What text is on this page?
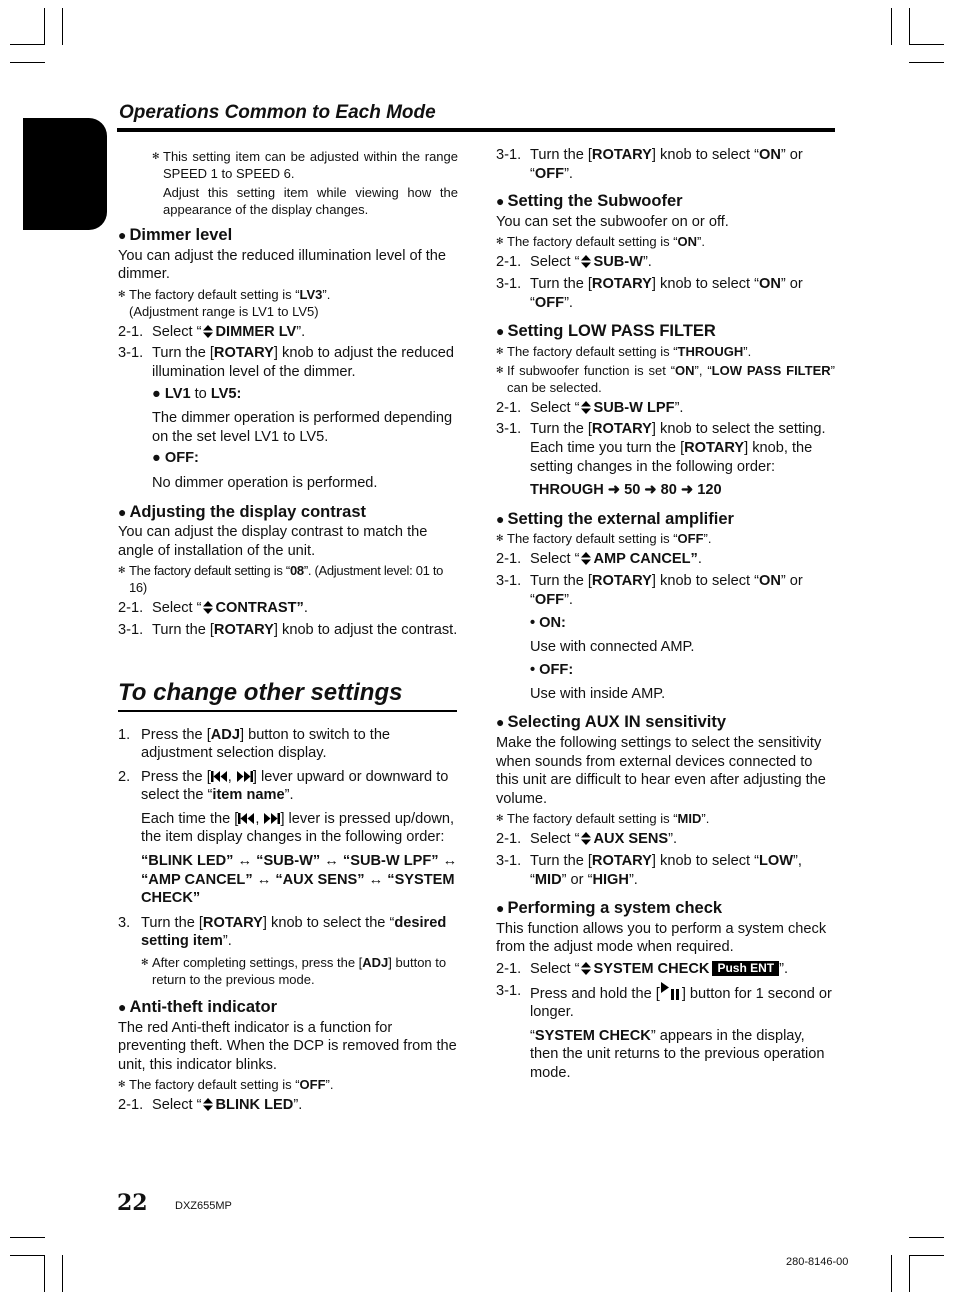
English
Operations Common to Each Mode

✻ This setting item can be adjusted within the range SPEED 1 to SPEED 6.

Adjust this setting item while viewing how the appearance of the display changes.

● Dimmer level

You can adjust the reduced illumination level of the dimmer.

✻ The factory default setting is “LV3”.
(Adjustment range is LV1 to LV5)

2-1. Select “ DIMMER LV”.
3-1. Turn the [ROTARY] knob to adjust the reduced illumination level of the dimmer.
● LV1 to LV5:
The dimmer operation is performed depending on the set level LV1 to LV5.
● OFF:
No dimmer operation is performed.
● Adjusting the display contrast

You can adjust the display contrast to match the angle of installation of the unit.

✻ The factory default setting is “08”. (Adjustment level: 01 to 16)

2-1. Select “ CONTRAST”.
3-1. Turn the [ROTARY] knob to adjust the contrast.
To change other settings
1. Press the [ADJ] button to switch to the adjustment selection display.
2. Press the [ , ] lever upward or downward to select the “item name”.
Each time the [ , ] lever is pressed up/down, the item display changes in the following order:
“BLINK LED” ↔ “SUB-W” ↔ “SUB-W LPF” ↔ “AMP CANCEL” ↔ “AUX SENS” ↔ “SYSTEM CHECK”
3. Turn the [ROTARY] knob to select the “desired setting item”.

✻ After completing settings, press the [ADJ] button to return to the previous mode.

● Anti-theft indicator

The red Anti-theft indicator is a function for preventing theft. When the DCP is removed from the unit, this indicator blinks.

✻ The factory default setting is “OFF”.

2-1. Select “ BLINK LED”.
3-1. Turn the [ROTARY] knob to select “ON” or “OFF”.
● Setting the Subwoofer

You can set the subwoofer on or off.

✻ The factory default setting is “ON”.

2-1. Select “ SUB-W”.
3-1. Turn the [ROTARY] knob to select “ON” or “OFF”.
● Setting LOW PASS FILTER

✻ The factory default setting is “THROUGH”.

✻ If subwoofer function is set “ON”, “LOW PASS FILTER” can be selected.

2-1. Select “ SUB-W LPF”.
3-1. Turn the [ROTARY] knob to select the setting. Each time you turn the [ROTARY] knob, the setting changes in the following order:
THROUGH ➜ 50 ➜ 80 ➜ 120
● Setting the external amplifier

✻ The factory default setting is “OFF”.

2-1. Select “ AMP CANCEL”.
3-1. Turn the [ROTARY] knob to select “ON” or “OFF”.
• ON:
Use with connected AMP.
• OFF:
Use with inside AMP.
● Selecting AUX IN sensitivity

Make the following settings to select the sensitivity when sounds from external devices connected to this unit are difficult to hear even after adjusting the volume.

✻ The factory default setting is “MID”.

2-1. Select “ AUX SENS”.
3-1. Turn the [ROTARY] knob to select “LOW”, “MID” or “HIGH”.
● Performing a system check

This function allows you to perform a system check from the adjust mode when required.

2-1. Select “ SYSTEM CHECK Push ENT ”.
3-1. Press and hold the [ ] button for 1 second or longer.
“SYSTEM CHECK” appears in the display, then the unit returns to the previous operation mode.
22 DXZ655MP
280-8146-00
